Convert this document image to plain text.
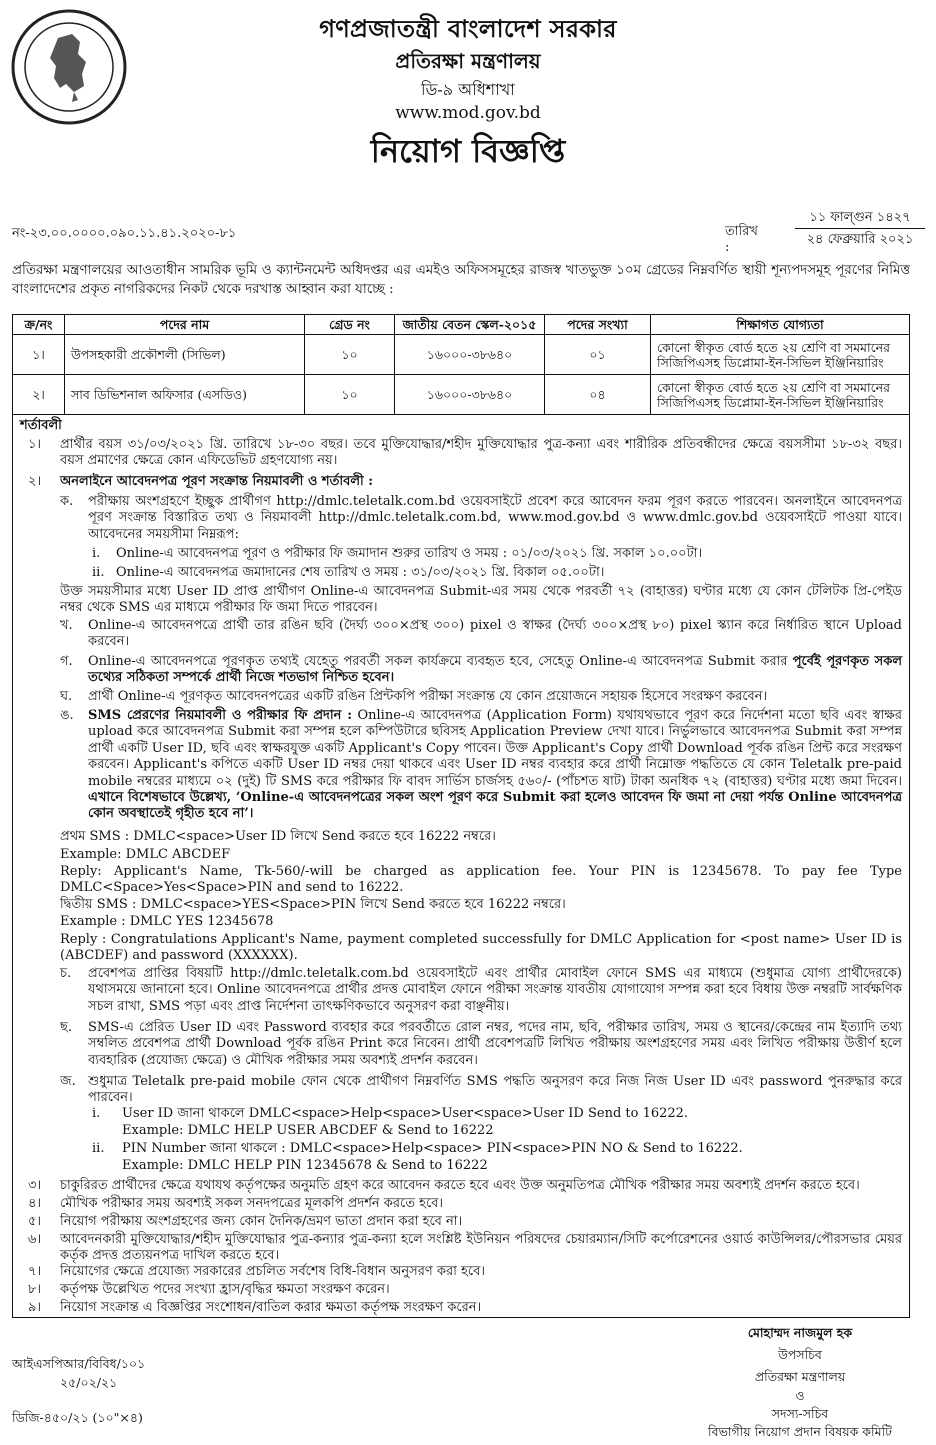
গণপ্রজাতন্ত্রী বাংলাদেশ সরকার
প্রতিরক্ষা মন্ত্রণালয়
ডি-৯ অধিশাখা
www.mod.gov.bd
নিয়োগ বিজ্ঞপ্তি
নং-২৩.০০.০০০০.০৯০.১১.৪১.২০২০-৮১	তারিখ :
১১ ফাল্গুন ১৪২৭
২৪ ফেব্রুয়ারি ২০২১
প্রতিরক্ষা মন্ত্রণালয়ের আওতাধীন সামরিক ভূমি ও ক্যান্টনমেন্ট অধিদপ্তর এর এমইও অফিসসমূহের রাজস্ব খাতভুক্ত ১০ম গ্রেডের নিম্নবর্ণিত স্থায়ী শূন্যপদসমূহ পূরণের নিমিত্ত বাংলাদেশের প্রকৃত নাগরিকদের নিকট থেকে দরখাস্ত আহ্বান করা যাচ্ছে :
ক্র/নং	পদের নাম	গ্রেড নং	জাতীয় বেতন স্কেল-২০১৫	পদের সংখ্যা	শিক্ষাগত যোগ্যতা
১।	উপসহকারী প্রকৌশলী (সিভিল)	১০	১৬০০০-৩৮৬৪০	০১	কোনো স্বীকৃত বোর্ড হতে ২য় শ্রেণি বা সমমানের সিজিপিএসহ ডিপ্লোমা-ইন-সিভিল ইঞ্জিনিয়ারিং
২।	সাব ডিভিশনাল অফিসার (এসডিও)	১০	১৬০০০-৩৮৬৪০	০৪	কোনো স্বীকৃত বোর্ড হতে ২য় শ্রেণি বা সমমানের সিজিপিএসহ ডিপ্লোমা-ইন-সিভিল ইঞ্জিনিয়ারিং
শর্তাবলী
১। প্রার্থীর বয়স ৩১/০৩/২০২১ খ্রি. তারিখে ১৮-৩০ বছর। তবে মুক্তিযোদ্ধার/শহীদ মুক্তিযোদ্ধার পুত্র-কন্যা এবং শারীরিক প্রতিবন্ধীদের ক্ষেত্রে বয়সসীমা ১৮-৩২ বছর। বয়স প্রমাণের ক্ষেত্রে কোন এফিডেভিট গ্রহণযোগ্য নয়।
২। অনলাইনে আবেদনপত্র পূরণ সংক্রান্ত নিয়মাবলী ও শর্তাবলী :
ক. পরীক্ষায় অংশগ্রহণে ইচ্ছুক প্রার্থীগণ http://dmlc.teletalk.com.bd ওয়েবসাইটে প্রবেশ করে আবেদন ফরম পূরণ করতে পারবেন। অনলাইনে আবেদনপত্র পূরণ সংক্রান্ত বিস্তারিত তথ্য ও নিয়মাবলী http://dmlc.teletalk.com.bd, www.mod.gov.bd ও www.dmlc.gov.bd ওয়েবসাইটে পাওয়া যাবে। আবেদনের সময়সীমা নিম্নরূপ:
i. Online-এ আবেদনপত্র পূরণ ও পরীক্ষার ফি জমাদান শুরুর তারিখ ও সময় : ০১/০৩/২০২১ খ্রি. সকাল ১০.০০টা।
ii. Online-এ আবেদনপত্র জমাদানের শেষ তারিখ ও সময় : ৩১/০৩/২০২১ খ্রি. বিকাল ০৫.০০টা।
উক্ত সময়সীমার মধ্যে User ID প্রাপ্ত প্রার্থীগণ Online-এ আবেদনপত্র Submit-এর সময় থেকে পরবর্তী ৭২ (বাহাত্তর) ঘণ্টার মধ্যে যে কোন টেলিটক প্রি-পেইড নম্বর থেকে SMS এর মাধ্যমে পরীক্ষার ফি জমা দিতে পারবেন।
খ. Online-এ আবেদনপত্রে প্রার্থী তার রঙিন ছবি (দৈর্ঘ্য ৩০০×প্রস্থ ৩০০) pixel ও স্বাক্ষর (দৈর্ঘ্য ৩০০×প্রস্থ ৮০) pixel স্ক্যান করে নির্ধারিত স্থানে Upload করবেন।
গ. Online-এ আবেদনপত্রে পূরণকৃত তথ্যই যেহেতু পরবর্তী সকল কার্যক্রমে ব্যবহৃত হবে, সেহেতু Online-এ আবেদনপত্র Submit করার পূর্বেই পূরণকৃত সকল তথ্যের সঠিকতা সম্পর্কে প্রার্থী নিজে শতভাগ নিশ্চিত হবেন।
ঘ. প্রার্থী Online-এ পূরণকৃত আবেদনপত্রের একটি রঙিন প্রিন্টকপি পরীক্ষা সংক্রান্ত যে কোন প্রয়োজনে সহায়ক হিসেবে সংরক্ষণ করবেন।
ঙ. SMS প্রেরণের নিয়মাবলী ও পরীক্ষার ফি প্রদান : Online-এ আবেদনপত্র (Application Form) যথাযথভাবে পূরণ করে নির্দেশনা মতো ছবি এবং স্বাক্ষর upload করে আবেদনপত্র Submit করা সম্পন্ন হলে কম্পিউটারে ছবিসহ Application Preview দেখা যাবে। নির্ভুলভাবে আবেদনপত্র Submit করা সম্পন্ন প্রার্থী একটি User ID, ছবি এবং স্বাক্ষরযুক্ত একটি Applicant's Copy পাবেন। উক্ত Applicant's Copy প্রার্থী Download পূর্বক রঙিন প্রিন্ট করে সংরক্ষণ করবেন। Applicant's কপিতে একটি User ID নম্বর দেয়া থাকবে এবং User ID নম্বর ব্যবহার করে প্রার্থী নিম্নোক্ত পদ্ধতিতে যে কোন Teletalk pre-paid mobile নম্বরের মাধ্যমে ০২ (দুই) টি SMS করে পরীক্ষার ফি বাবদ সার্ভিস চার্জসহ ৫৬০/- (পাঁচশত ষাট) টাকা অনধিক ৭২ (বাহাত্তর) ঘণ্টার মধ্যে জমা দিবেন। এখানে বিশেষভাবে উল্লেখ্য, ‘Online-এ আবেদনপত্রের সকল অংশ পূরণ করে Submit করা হলেও আবেদন ফি জমা না দেয়া পর্যন্ত Online আবেদনপত্র কোন অবস্থাতেই গৃহীত হবে না’।
প্রথম SMS : DMLC<space>User ID লিখে Send করতে হবে 16222 নম্বরে।
Example: DMLC ABCDEF
Reply: Applicant's Name, Tk-560/-will be charged as application fee. Your PIN is 12345678. To pay fee Type DMLC<Space>Yes<Space>PIN and send to 16222.
দ্বিতীয় SMS : DMLC<space>YES<Space>PIN লিখে Send করতে হবে 16222 নম্বরে।
Example : DMLC YES 12345678
Reply : Congratulations Applicant's Name, payment completed successfully for DMLC Application for <post name> User ID is (ABCDEF) and password (XXXXXX).
চ. প্রবেশপত্র প্রাপ্তির বিষয়টি http://dmlc.teletalk.com.bd ওয়েবসাইটে এবং প্রার্থীর মোবাইল ফোনে SMS এর মাধ্যমে (শুধুমাত্র যোগ্য প্রার্থীদেরকে) যথাসময়ে জানানো হবে। Online আবেদনপত্রে প্রার্থীর প্রদত্ত মোবাইল ফোনে পরীক্ষা সংক্রান্ত যাবতীয় যোগাযোগ সম্পন্ন করা হবে বিধায় উক্ত নম্বরটি সার্বক্ষণিক সচল রাখা, SMS পড়া এবং প্রাপ্ত নির্দেশনা তাৎক্ষণিকভাবে অনুসরণ করা বাঞ্ছনীয়।
ছ. SMS-এ প্রেরিত User ID এবং Password ব্যবহার করে পরবর্তীতে রোল নম্বর, পদের নাম, ছবি, পরীক্ষার তারিখ, সময় ও স্থানের/কেন্দ্রের নাম ইত্যাদি তথ্য সম্বলিত প্রবেশপত্র প্রার্থী Download পূর্বক রঙিন Print করে নিবেন। প্রার্থী প্রবেশপত্রটি লিখিত পরীক্ষায় অংশগ্রহণের সময় এবং লিখিত পরীক্ষায় উত্তীর্ণ হলে ব্যবহারিক (প্রযোজ্য ক্ষেত্রে) ও মৌখিক পরীক্ষার সময় অবশ্যই প্রদর্শন করবেন।
জ. শুধুমাত্র Teletalk pre-paid mobile ফোন থেকে প্রার্থীগণ নিম্নবর্ণিত SMS পদ্ধতি অনুসরণ করে নিজ নিজ User ID এবং password পুনরুদ্ধার করে পারবেন।
i. User ID জানা থাকলে DMLC<space>Help<space>User<space>User ID Send to 16222.
Example: DMLC HELP USER ABCDEF & Send to 16222
ii. PIN Number জানা থাকলে : DMLC<space>Help<space> PIN<space>PIN NO & Send to 16222.
Example: DMLC HELP PIN 12345678 & Send to 16222
৩। চাকুরিরত প্রার্থীদের ক্ষেত্রে যথাযথ কর্তৃপক্ষের অনুমতি গ্রহণ করে আবেদন করতে হবে এবং উক্ত অনুমতিপত্র মৌখিক পরীক্ষার সময় অবশ্যই প্রদর্শন করতে হবে।
৪। মৌখিক পরীক্ষার সময় অবশ্যই সকল সনদপত্রের মূলকপি প্রদর্শন করতে হবে।
৫। নিয়োগ পরীক্ষায় অংশগ্রহণের জন্য কোন দৈনিক/ভ্রমণ ভাতা প্রদান করা হবে না।
৬। আবেদনকারী মুক্তিযোদ্ধার/শহীদ মুক্তিযোদ্ধার পুত্র-কন্যার পুত্র-কন্যা হলে সংশ্লিষ্ট ইউনিয়ন পরিষদের চেয়ারম্যান/সিটি কর্পোরেশনের ওয়ার্ড কাউন্সিলর/পৌরসভার মেয়র কর্তৃক প্রদত্ত প্রত্যয়নপত্র দাখিল করতে হবে।
৭। নিয়োগের ক্ষেত্রে প্রযোজ্য সরকারের প্রচলিত সর্বশেষ বিধি-বিধান অনুসরণ করা হবে।
৮। কর্তৃপক্ষ উল্লেখিত পদের সংখ্যা হ্রাস/বৃদ্ধির ক্ষমতা সংরক্ষণ করেন।
৯। নিয়োগ সংক্রান্ত এ বিজ্ঞপ্তির সংশোধন/বাতিল করার ক্ষমতা কর্তৃপক্ষ সংরক্ষণ করেন।
মোহাম্মদ নাজমুল হক
উপসচিব
প্রতিরক্ষা মন্ত্রণালয়
ও
সদস্য-সচিব
বিভাগীয় নিয়োগ প্রদান বিষয়ক কমিটি
আইএসপিআর/বিবিধ/১০১
২৫/০২/২১
ডিজি-৪৫০/২১ (১০"×৪)
